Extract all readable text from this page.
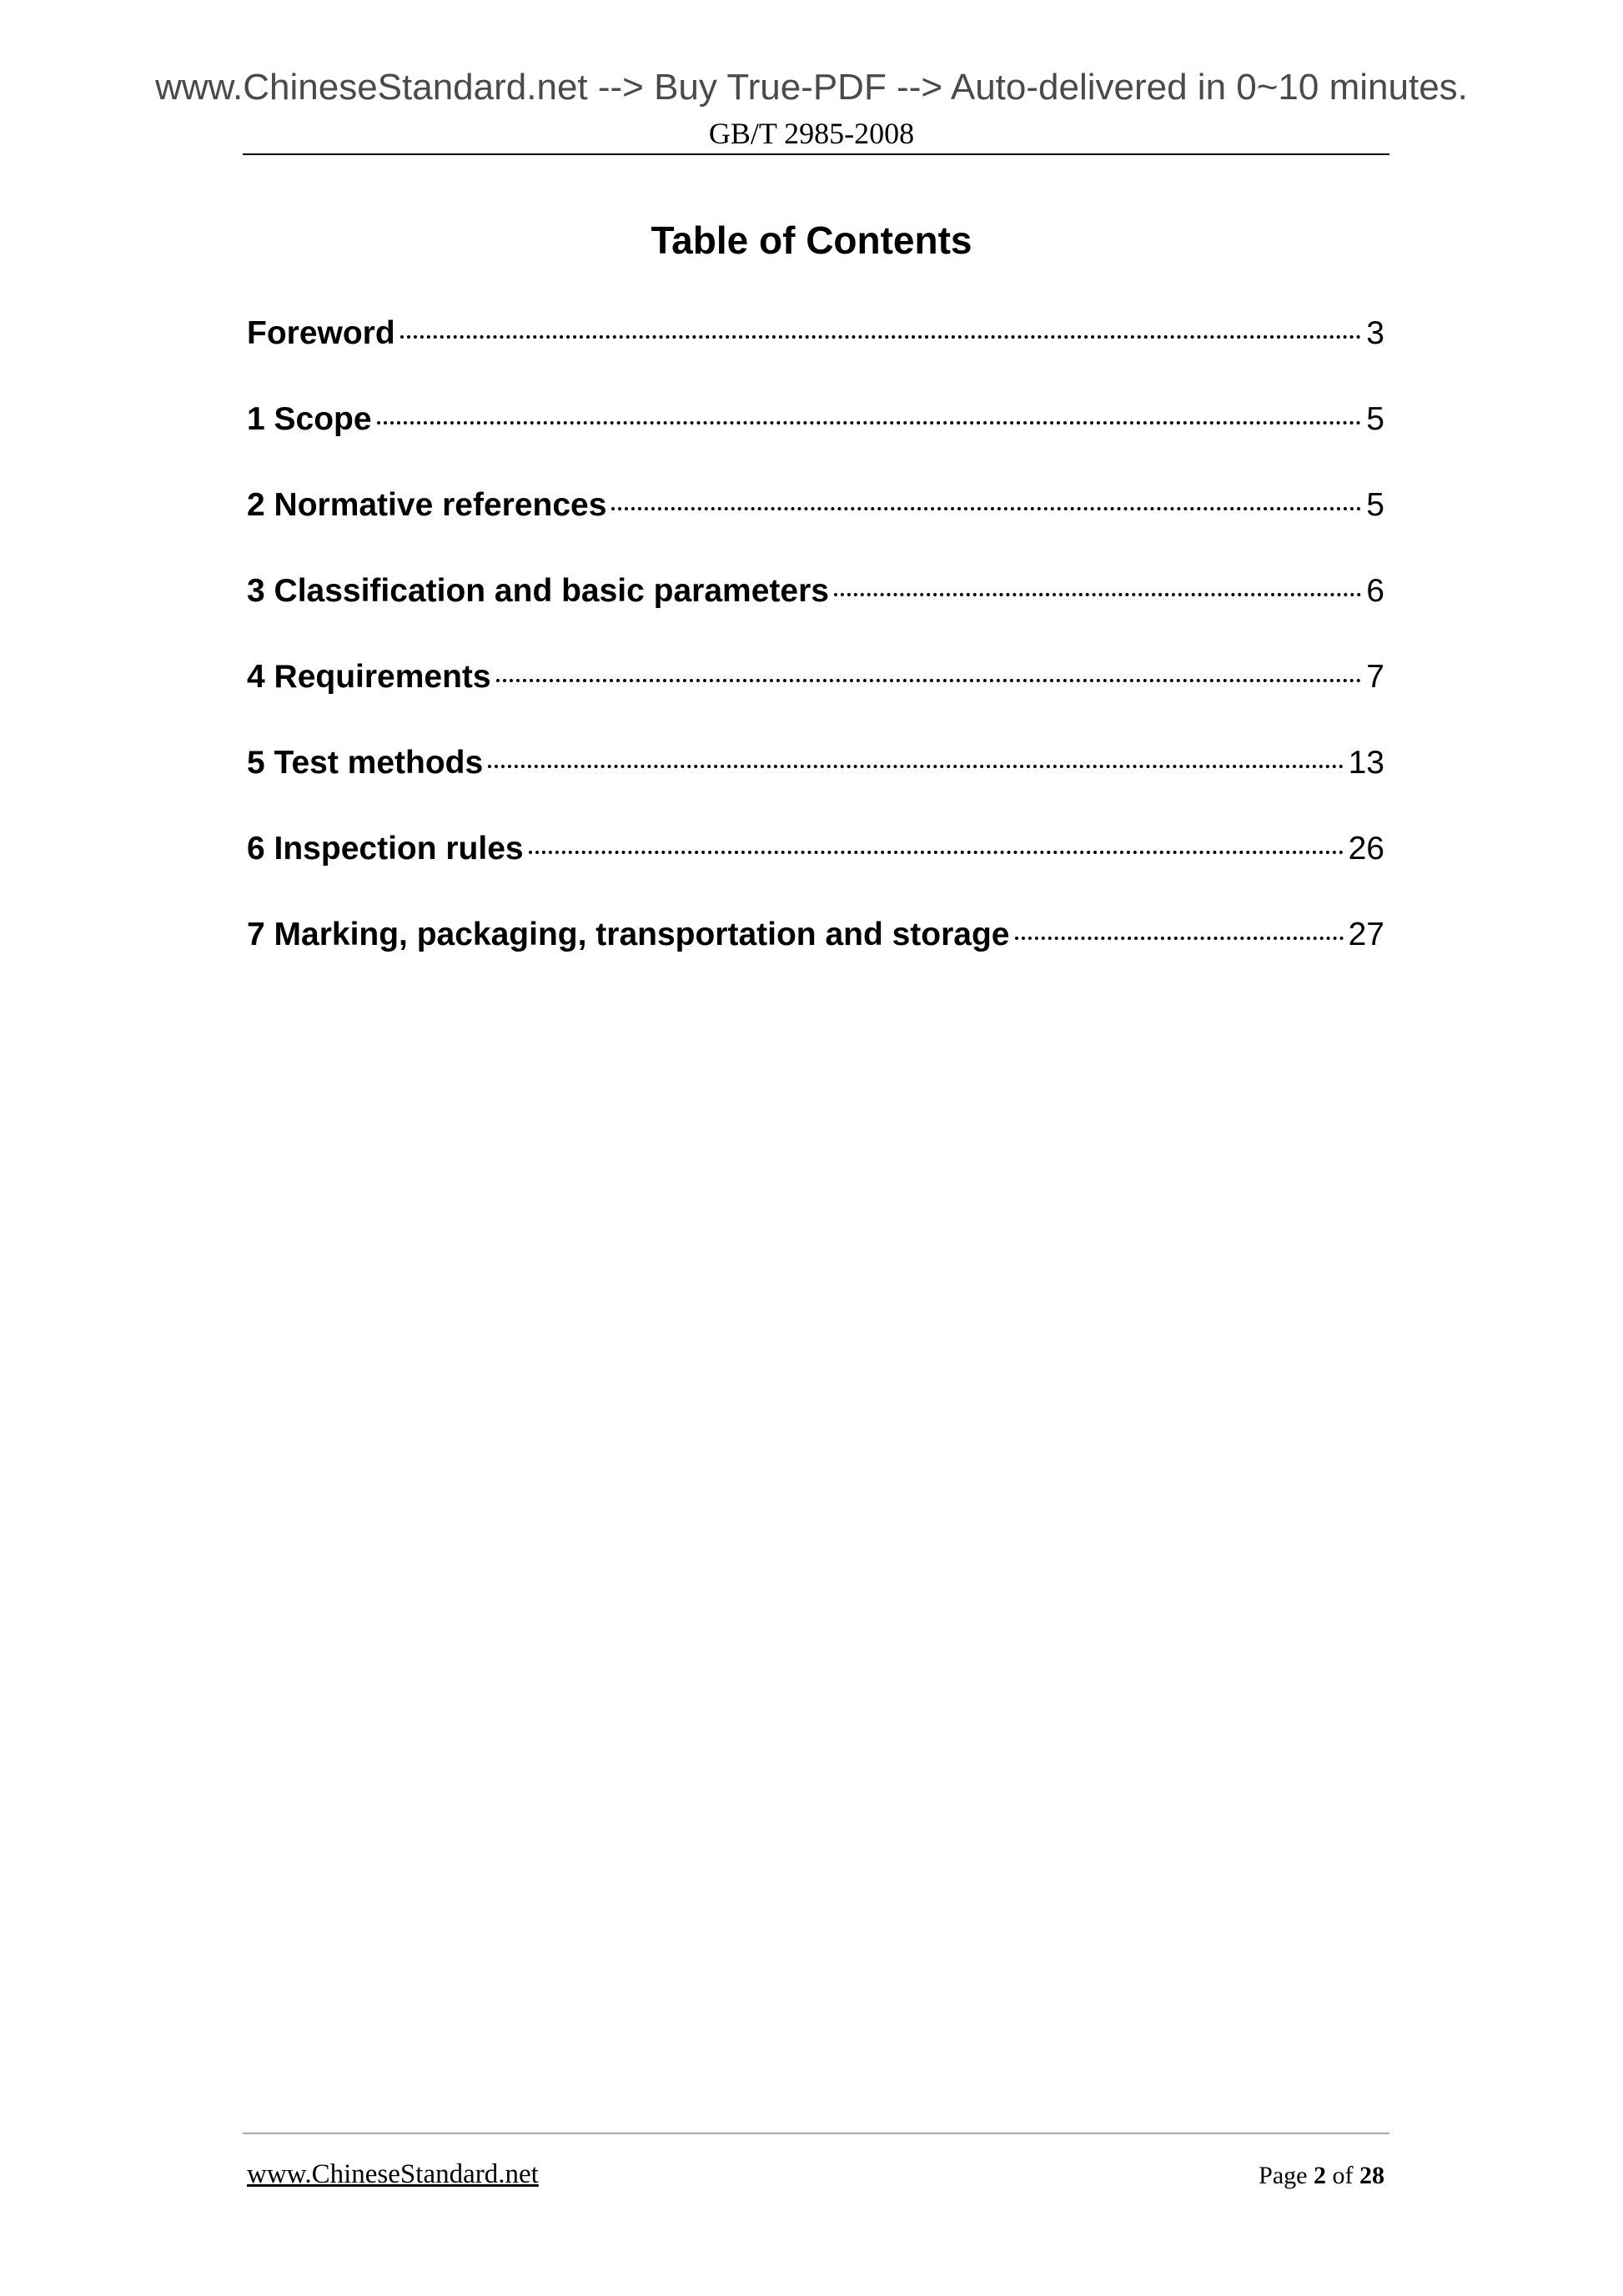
www.ChineseStandard.net --> Buy True-PDF --> Auto-delivered in 0~10 minutes.
GB/T 2985-2008
Table of Contents
Foreword	3
1 Scope	5
2 Normative references	5
3 Classification and basic parameters	6
4 Requirements	7
5 Test methods	13
6 Inspection rules	26
7 Marking, packaging, transportation and storage	27
www.ChineseStandard.net	Page 2 of 28
